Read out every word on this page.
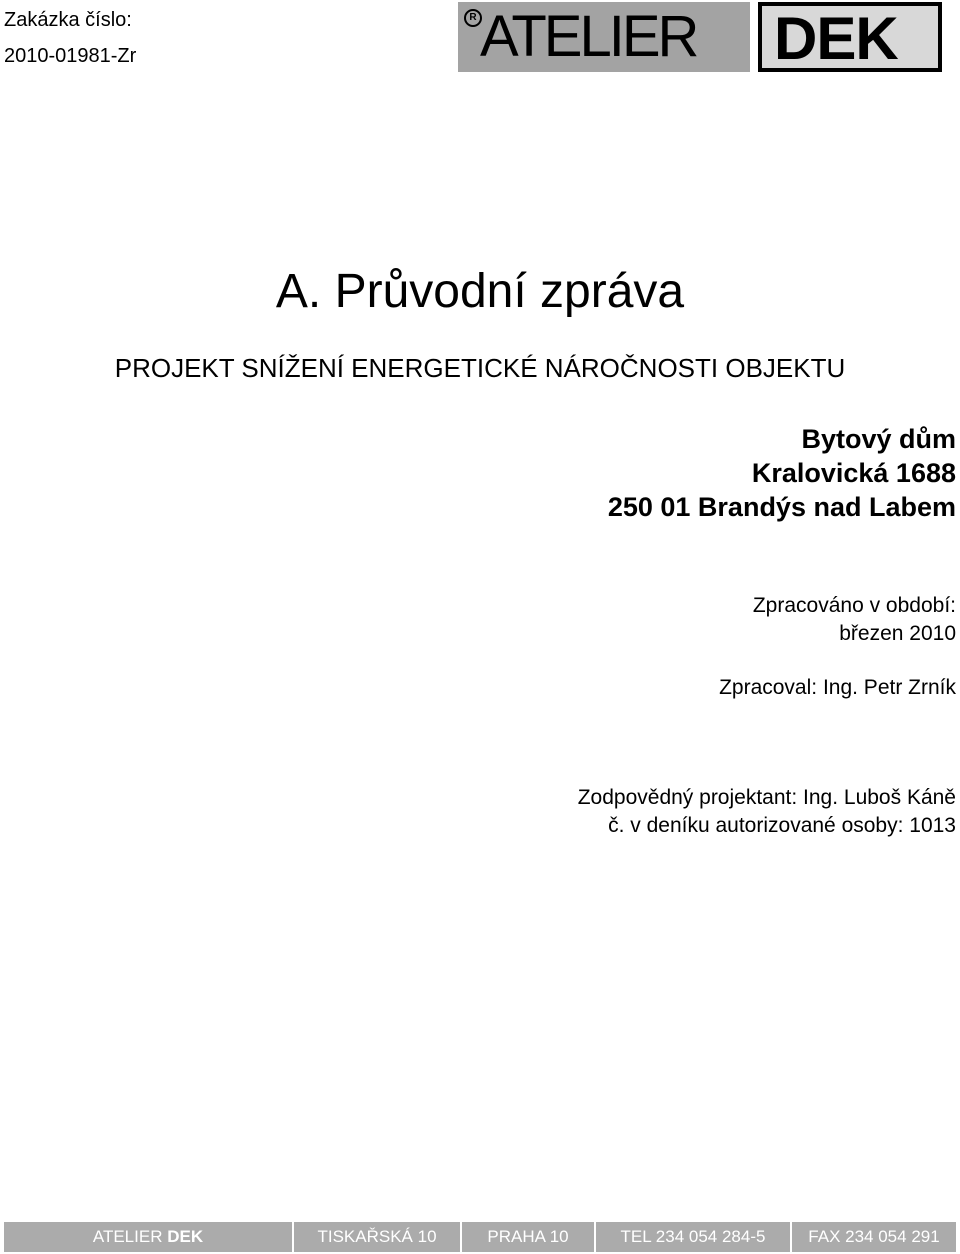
Zakázka číslo:
2010-01981-Zr
R ATELIER DEK
A. Průvodní zpráva
PROJEKT SNÍŽENÍ ENERGETICKÉ NÁROČNOSTI OBJEKTU
Bytový dům
Kralovická 1688
250 01 Brandýs nad Labem
Zpracováno v období:
březen 2010
Zpracoval: Ing. Petr Zrník
Zodpovědný projektant: Ing. Luboš Káně
č. v deníku autorizované osoby: 1013
ATELIER
DEK	TISKAŘSKÁ 10	PRAHA 10	TEL 234 054 284-5	FAX 234 054 291
